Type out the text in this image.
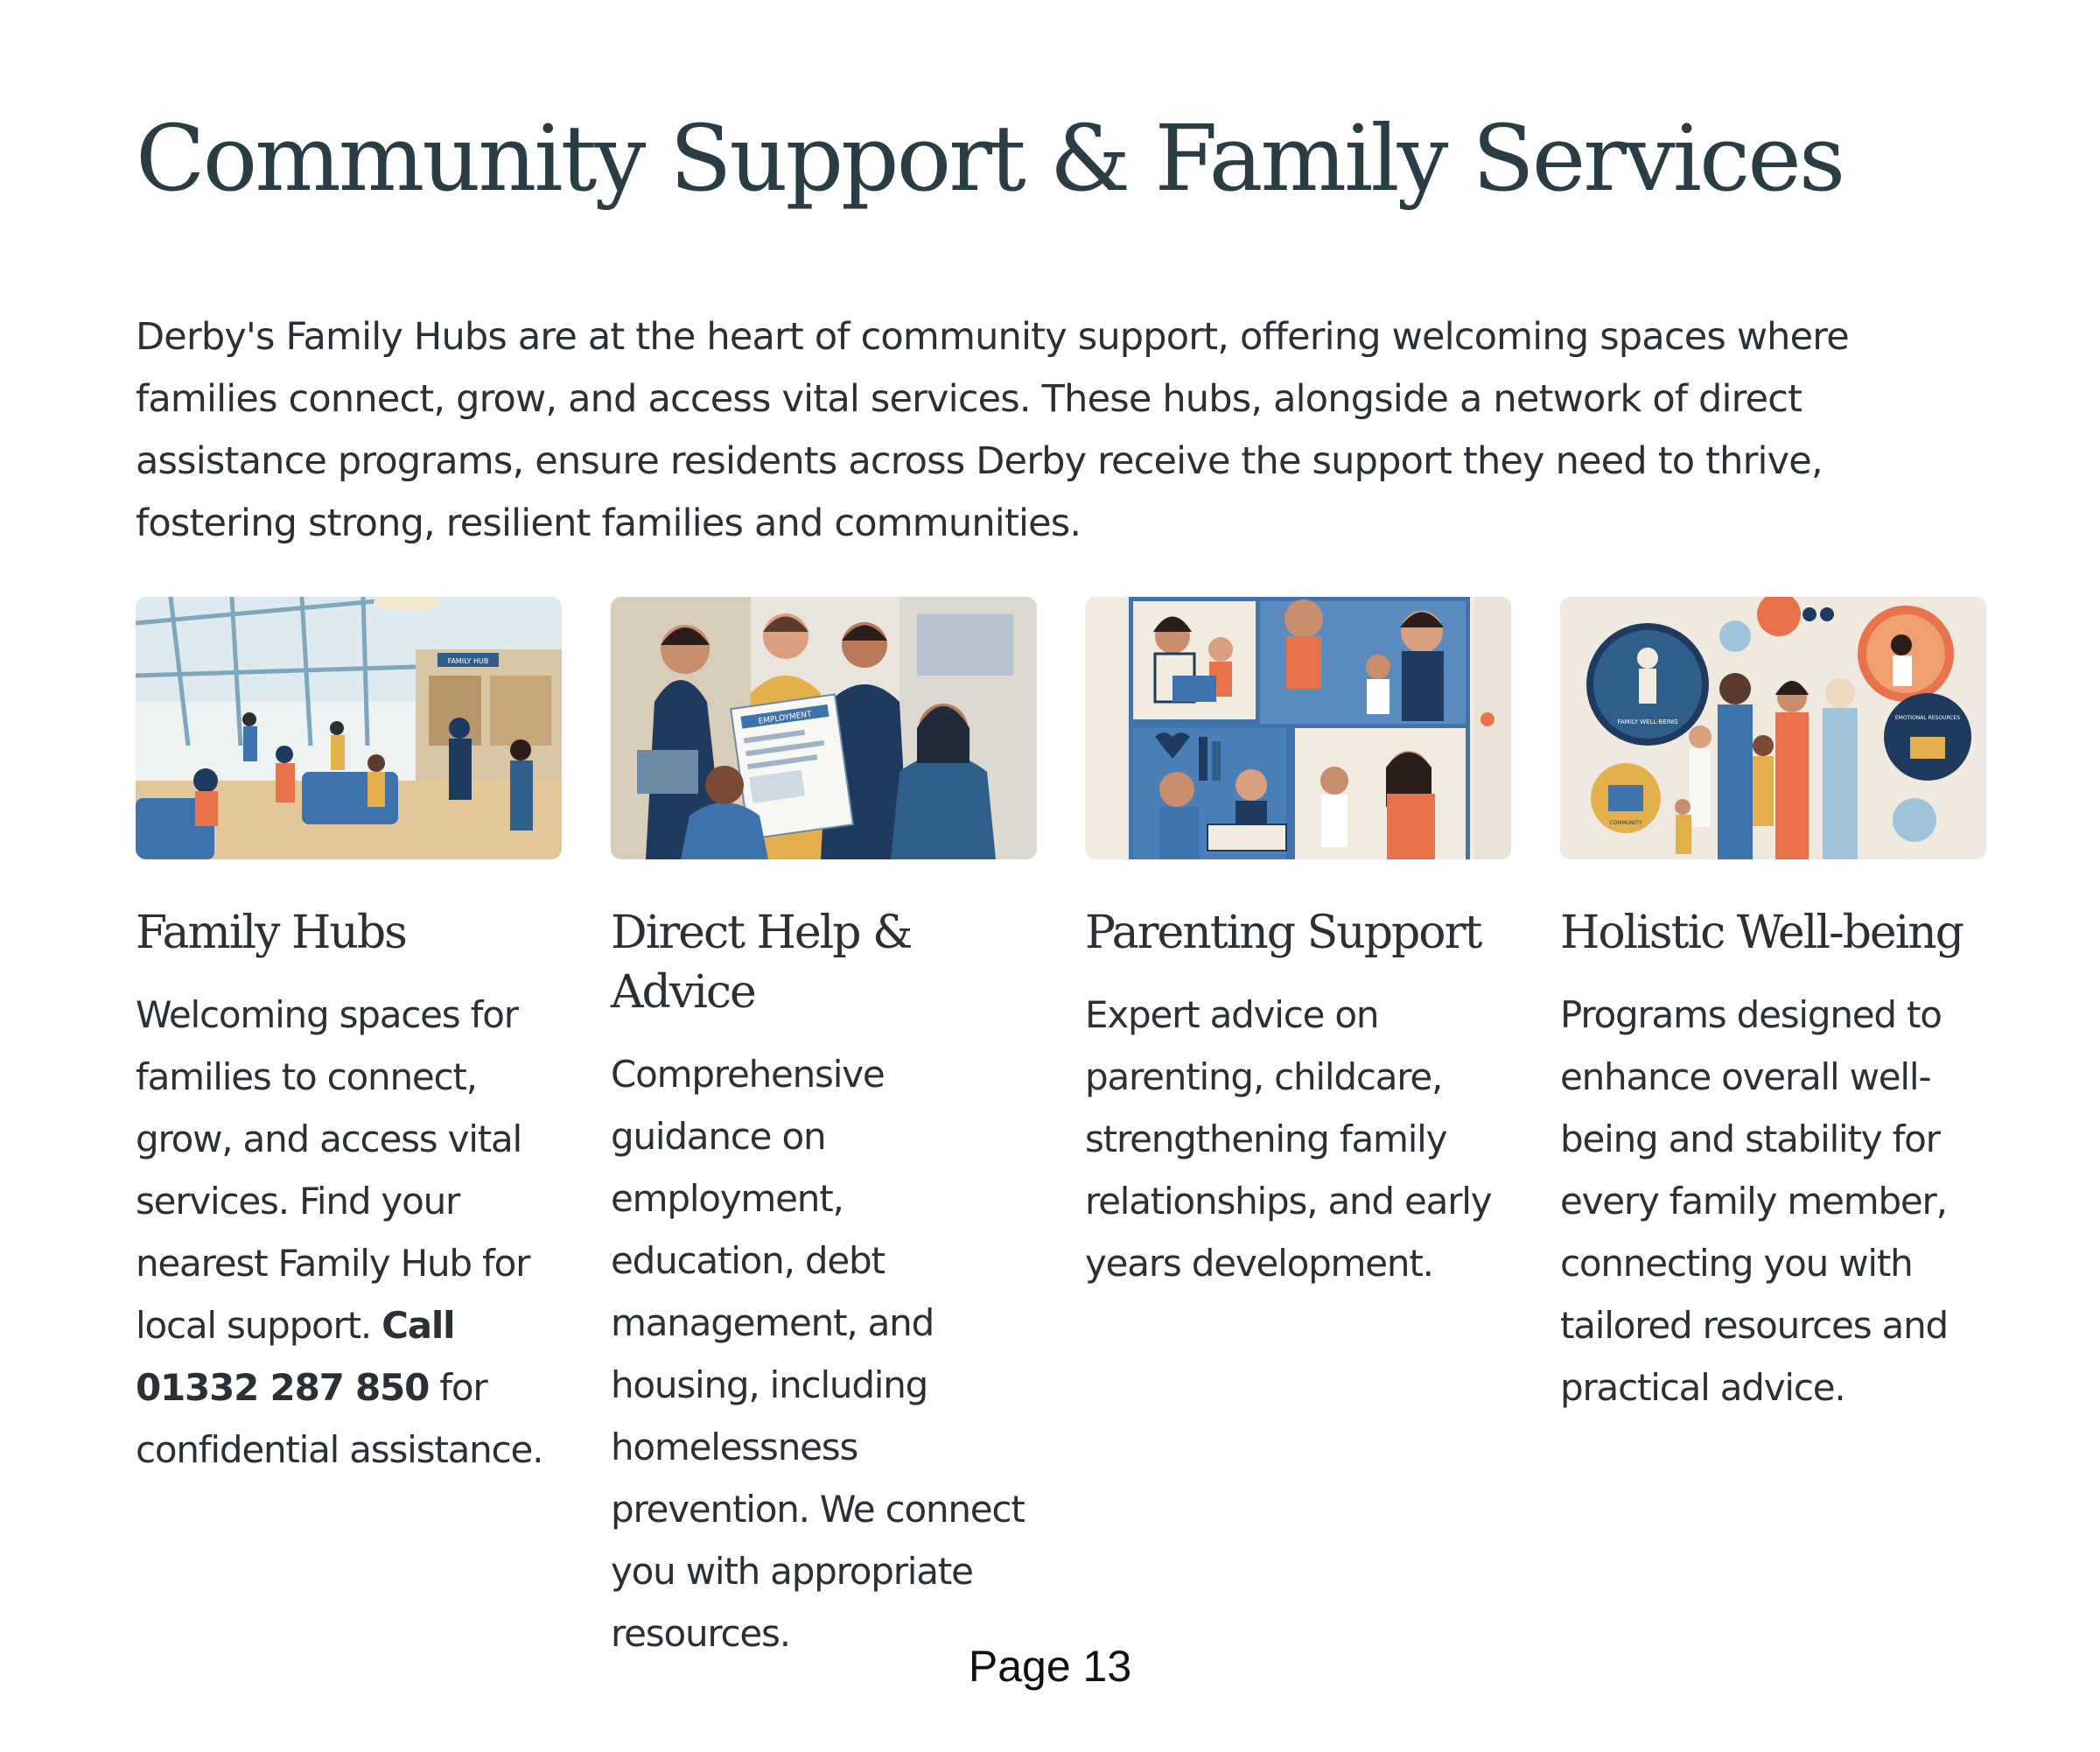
Community Support & Family Services

Derby's Family Hubs are at the heart of community support, offering welcoming spaces where families connect, grow, and access vital services. These hubs, alongside a network of direct assistance programs, ensure residents across Derby receive the support they need to thrive, fostering strong, resilient families and communities.

FAMILY HUB
Family Hubs

Welcoming spaces for families to connect, grow, and access vital services. Find your nearest Family Hub for local support. Call 01332 287 850 for confidential assistance.

EMPLOYMENT
Direct Help & Advice

Comprehensive guidance on employment, education, debt management, and housing, including homelessness prevention. We connect you with appropriate resources.

Parenting Support

Expert advice on parenting, childcare, strengthening family relationships, and early years development.

FAMILY WELL-BEING
EMOTIONAL RESOURCES
COMMUNITY
Holistic Well-being

Programs designed to enhance overall well-being and stability for every family member, connecting you with tailored resources and practical advice.

Page 13
